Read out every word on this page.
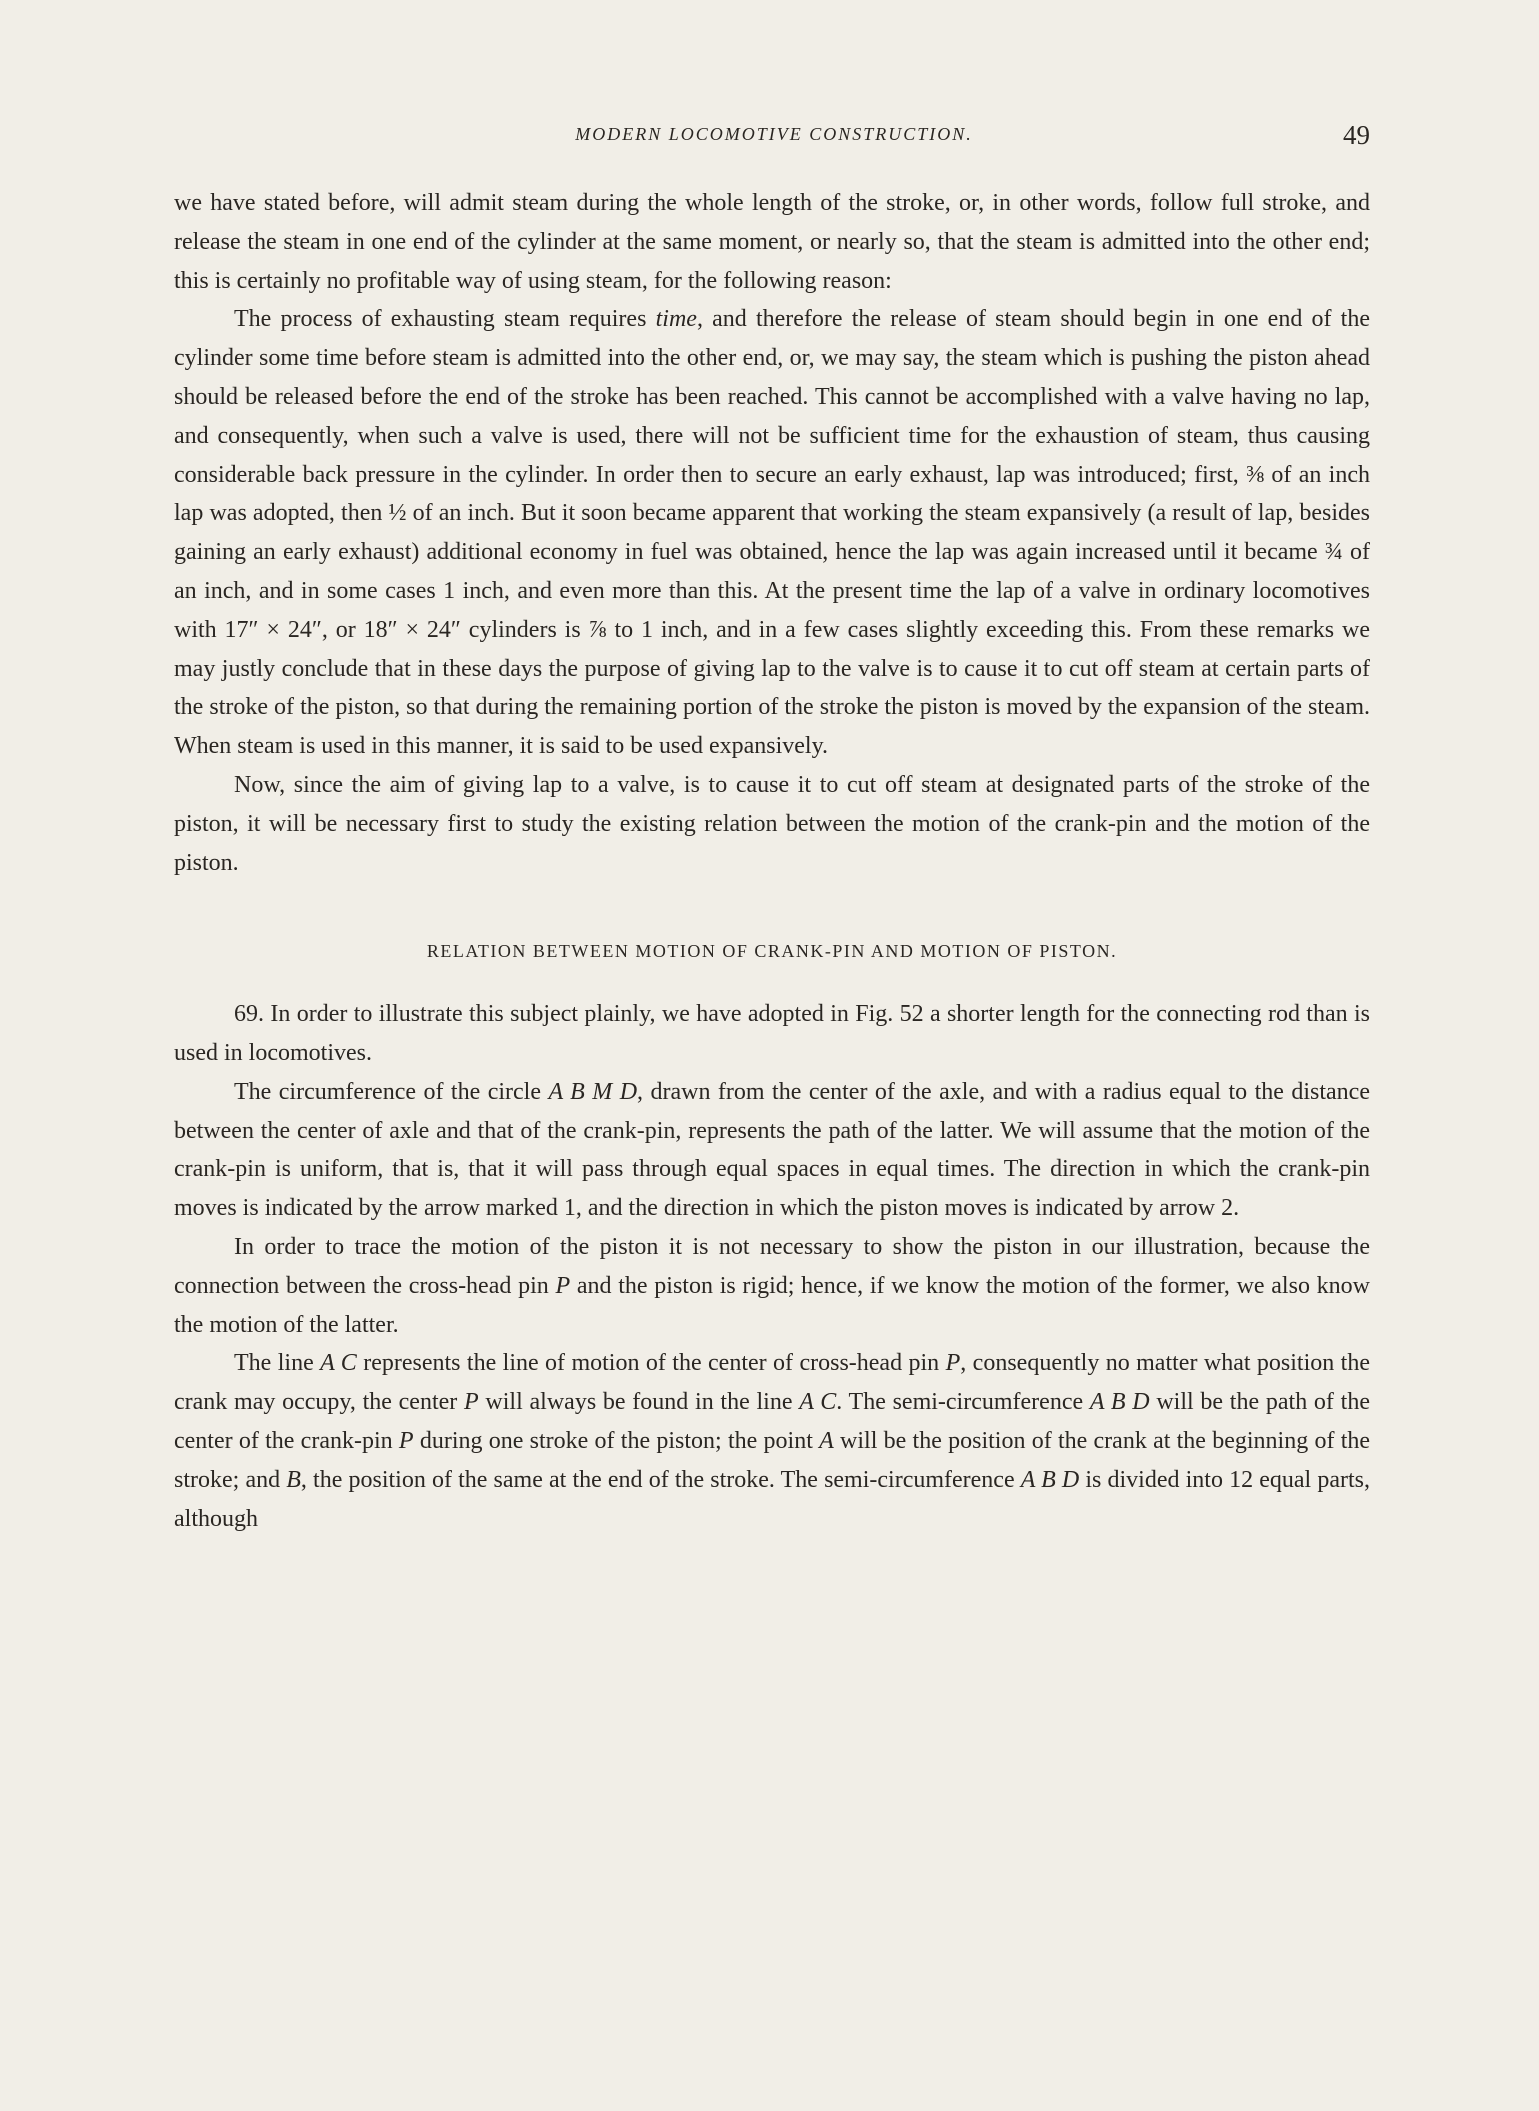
MODERN LOCOMOTIVE CONSTRUCTION.	49

we have stated before, will admit steam during the whole length of the stroke, or, in other words, follow full stroke, and release the steam in one end of the cylinder at the same moment, or nearly so, that the steam is admitted into the other end; this is certainly no profitable way of using steam, for the following reason:

The process of exhausting steam requires time, and therefore the release of steam should begin in one end of the cylinder some time before steam is admitted into the other end, or, we may say, the steam which is pushing the piston ahead should be released before the end of the stroke has been reached. This cannot be accomplished with a valve having no lap, and consequently, when such a valve is used, there will not be sufficient time for the exhaustion of steam, thus causing considerable back pressure in the cylinder. In order then to secure an early exhaust, lap was introduced; first, ⅜ of an inch lap was adopted, then ½ of an inch. But it soon became apparent that working the steam expansively (a result of lap, besides gaining an early exhaust) additional economy in fuel was obtained, hence the lap was again increased until it became ¾ of an inch, and in some cases 1 inch, and even more than this. At the present time the lap of a valve in ordinary locomotives with 17″ × 24″, or 18″ × 24″ cylinders is ⅞ to 1 inch, and in a few cases slightly exceeding this. From these remarks we may justly conclude that in these days the purpose of giving lap to the valve is to cause it to cut off steam at certain parts of the stroke of the piston, so that during the remaining portion of the stroke the piston is moved by the expansion of the steam. When steam is used in this manner, it is said to be used expansively.

Now, since the aim of giving lap to a valve, is to cause it to cut off steam at designated parts of the stroke of the piston, it will be necessary first to study the existing relation between the motion of the crank-pin and the motion of the piston.

RELATION BETWEEN MOTION OF CRANK-PIN AND MOTION OF PISTON.

69. In order to illustrate this subject plainly, we have adopted in Fig. 52 a shorter length for the connecting rod than is used in locomotives.

The circumference of the circle A B M D, drawn from the center of the axle, and with a radius equal to the distance between the center of axle and that of the crank-pin, represents the path of the latter. We will assume that the motion of the crank-pin is uniform, that is, that it will pass through equal spaces in equal times. The direction in which the crank-pin moves is indicated by the arrow marked 1, and the direction in which the piston moves is indicated by arrow 2.

In order to trace the motion of the piston it is not necessary to show the piston in our illustration, because the connection between the cross-head pin P and the piston is rigid; hence, if we know the motion of the former, we also know the motion of the latter.

The line A C represents the line of motion of the center of cross-head pin P, consequently no matter what position the crank may occupy, the center P will always be found in the line A C. The semi-circumference A B D will be the path of the center of the crank-pin P during one stroke of the piston; the point A will be the position of the crank at the beginning of the stroke; and B, the position of the same at the end of the stroke. The semi-circumference A B D is divided into 12 equal parts, although
